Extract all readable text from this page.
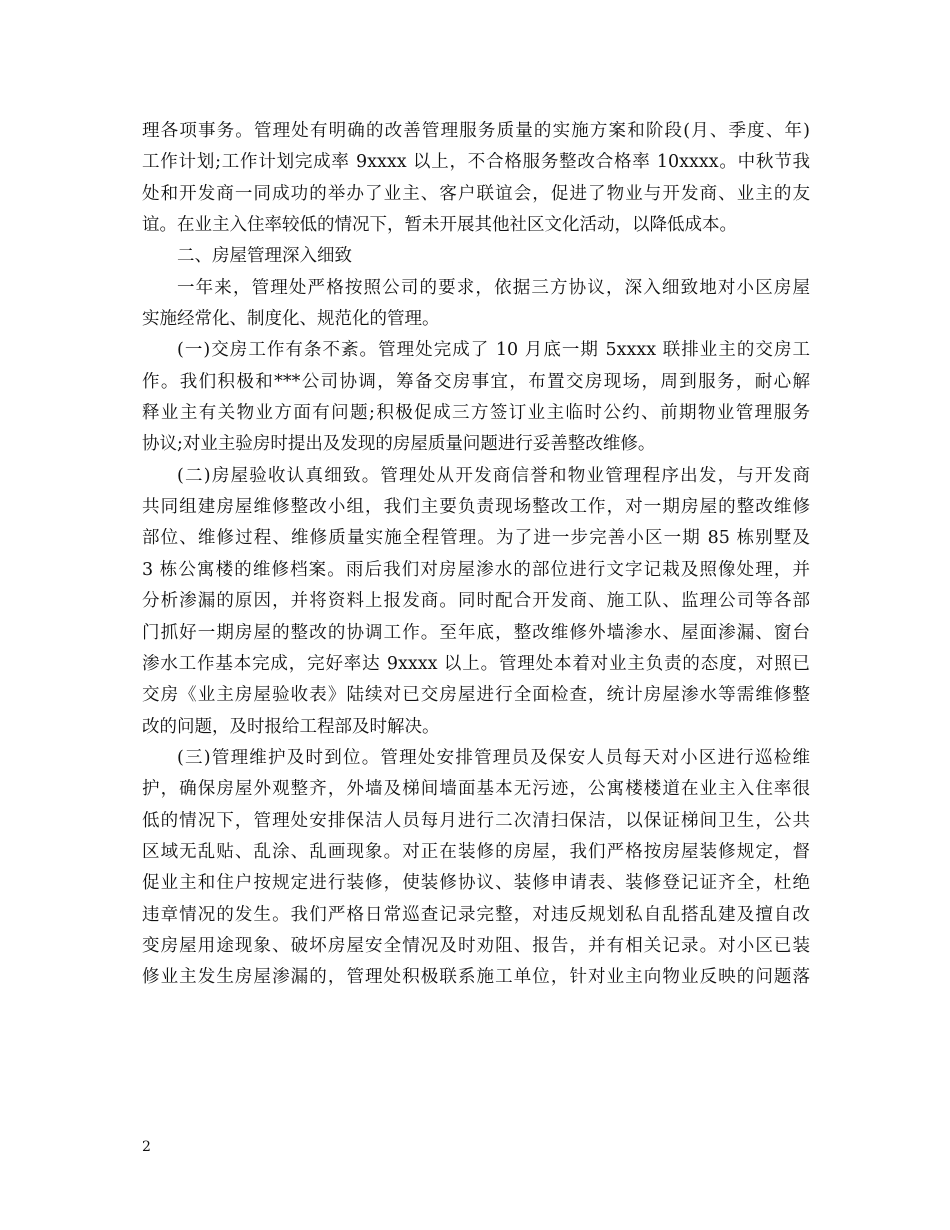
理各项事务。管理处有明确的改善管理服务质量的实施方案和阶段(月、季度、年)
工作计划;工作计划完成率 9xxxx 以上，不合格服务整改合格率 10xxxx。中秋节我
处和开发商一同成功的举办了业主、客户联谊会，促进了物业与开发商、业主的友
谊。在业主入住率较低的情况下，暂未开展其他社区文化活动，以降低成本。
二、房屋管理深入细致
一年来，管理处严格按照公司的要求，依据三方协议，深入细致地对小区房屋
实施经常化、制度化、规范化的管理。
(一)交房工作有条不紊。管理处完成了 10 月底一期 5xxxx 联排业主的交房工
作。我们积极和***公司协调，筹备交房事宜，布置交房现场，周到服务，耐心解
释业主有关物业方面有问题;积极促成三方签订业主临时公约、前期物业管理服务
协议;对业主验房时提出及发现的房屋质量问题进行妥善整改维修。
(二)房屋验收认真细致。管理处从开发商信誉和物业管理程序出发，与开发商
共同组建房屋维修整改小组，我们主要负责现场整改工作，对一期房屋的整改维修
部位、维修过程、维修质量实施全程管理。为了进一步完善小区一期 85 栋别墅及
3 栋公寓楼的维修档案。雨后我们对房屋渗水的部位进行文字记栽及照像处理，并
分析渗漏的原因，并将资料上报发商。同时配合开发商、施工队、监理公司等各部
门抓好一期房屋的整改的协调工作。至年底，整改维修外墙渗水、屋面渗漏、窗台
渗水工作基本完成，完好率达 9xxxx 以上。管理处本着对业主负责的态度，对照已
交房《业主房屋验收表》陆续对已交房屋进行全面检查，统计房屋渗水等需维修整
改的问题，及时报给工程部及时解决。
(三)管理维护及时到位。管理处安排管理员及保安人员每天对小区进行巡检维
护，确保房屋外观整齐，外墙及梯间墙面基本无污迹，公寓楼楼道在业主入住率很
低的情况下，管理处安排保洁人员每月进行二次清扫保洁，以保证梯间卫生，公共
区域无乱贴、乱涂、乱画现象。对正在装修的房屋，我们严格按房屋装修规定，督
促业主和住户按规定进行装修，使装修协议、装修申请表、装修登记证齐全，杜绝
违章情况的发生。我们严格日常巡查记录完整，对违反规划私自乱搭乱建及擅自改
变房屋用途现象、破坏房屋安全情况及时劝阻、报告，并有相关记录。对小区已装
修业主发生房屋渗漏的，管理处积极联系施工单位，针对业主向物业反映的问题落
2
